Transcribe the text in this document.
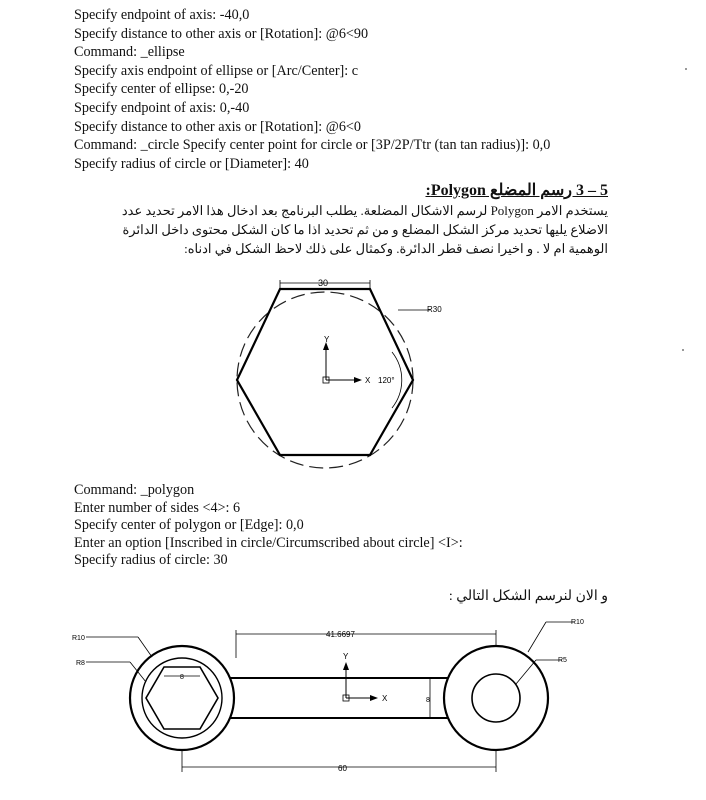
Specify endpoint of axis: -40,0
Specify distance to other axis or [Rotation]: @6<90
Command: _ellipse
Specify axis endpoint of ellipse or [Arc/Center]: c
Specify center of ellipse: 0,-20
Specify endpoint of axis: 0,-40
Specify distance to other axis or [Rotation]: @6<0
Command: _circle Specify center point for circle or [3P/2P/Ttr (tan tan radius)]: 0,0
Specify radius of circle or [Diameter]: 40
5 – 3 رسم المضلع Polygon:
يستخدم الامر Polygon لرسم الاشكال المضلعة. يطلب البرنامج بعد ادخال هذا الامر تحديد عدد
الاضلاع يليها تحديد مركز الشكل المضلع و من ثم تحديد اذا ما كان الشكل محتوى داخل الدائرة
الوهمية ام لا . و اخيرا نصف قطر الدائرة. وكمثال على ذلك لاحظ الشكل في ادناه:
30
R30
Y
X 120°
Command: _polygon
Enter number of sides <4>: 6
Specify center of polygon or [Edge]: 0,0
Enter an option [Inscribed in circle/Circumscribed about circle] <I>:
Specify radius of circle: 30
و الان لنرسم الشكل التالي :
8
41.6697
60
8
R10
R8
R10
R5
Y
X
